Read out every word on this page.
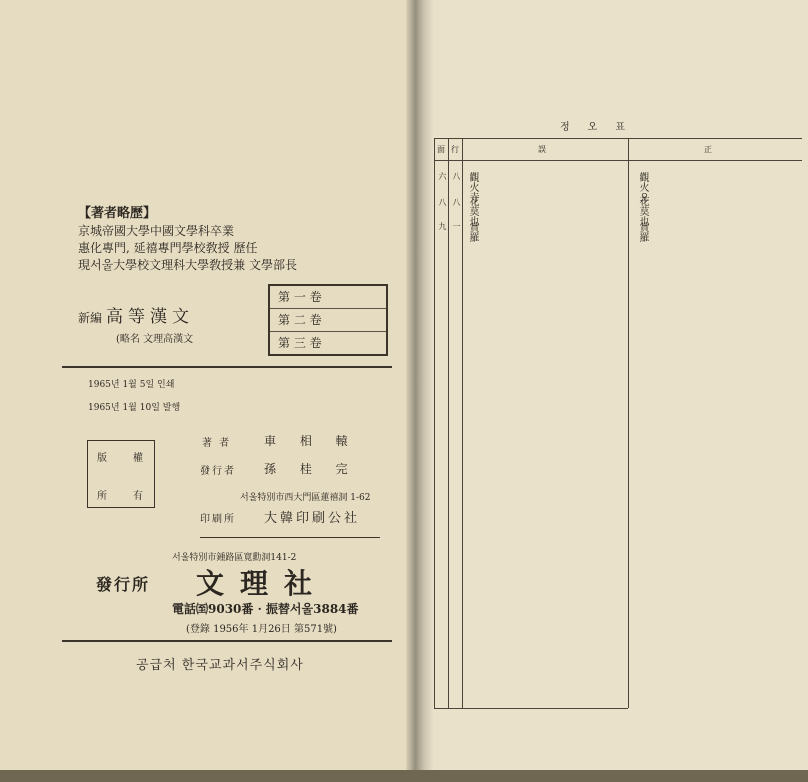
【著者略歷】
京城帝國大學中國文學科卒業
惠化專門, 延禧專門學校敎授 歷任
現서울大學校文理科大學敎授兼 文學部長
新編 高等漢文
(略名 文理高漢文
第 一 卷
第 二 卷
第 三 卷
1965년 1월 5일 인쇄
1965년 1월 10일 발행
版	權
所	有
著 者	車 相 轅
發行者 孫 桂 完
서울特別市西大門區蓮禧洞 1-62
印刷所 大韓印刷公社
서울特別市鍾路區寬勳洞141-2
發行所 文理社
電話㉃9030番 · 振替서울3884番
(登錄 1956年 1月26日 第571號)
공급처 한국교과서주식회사
정오표
面 行	誤	正
六 八 觀火寺	觀火오
八 八 花莫也	花莫也
九 一 賞羅	賞羅
